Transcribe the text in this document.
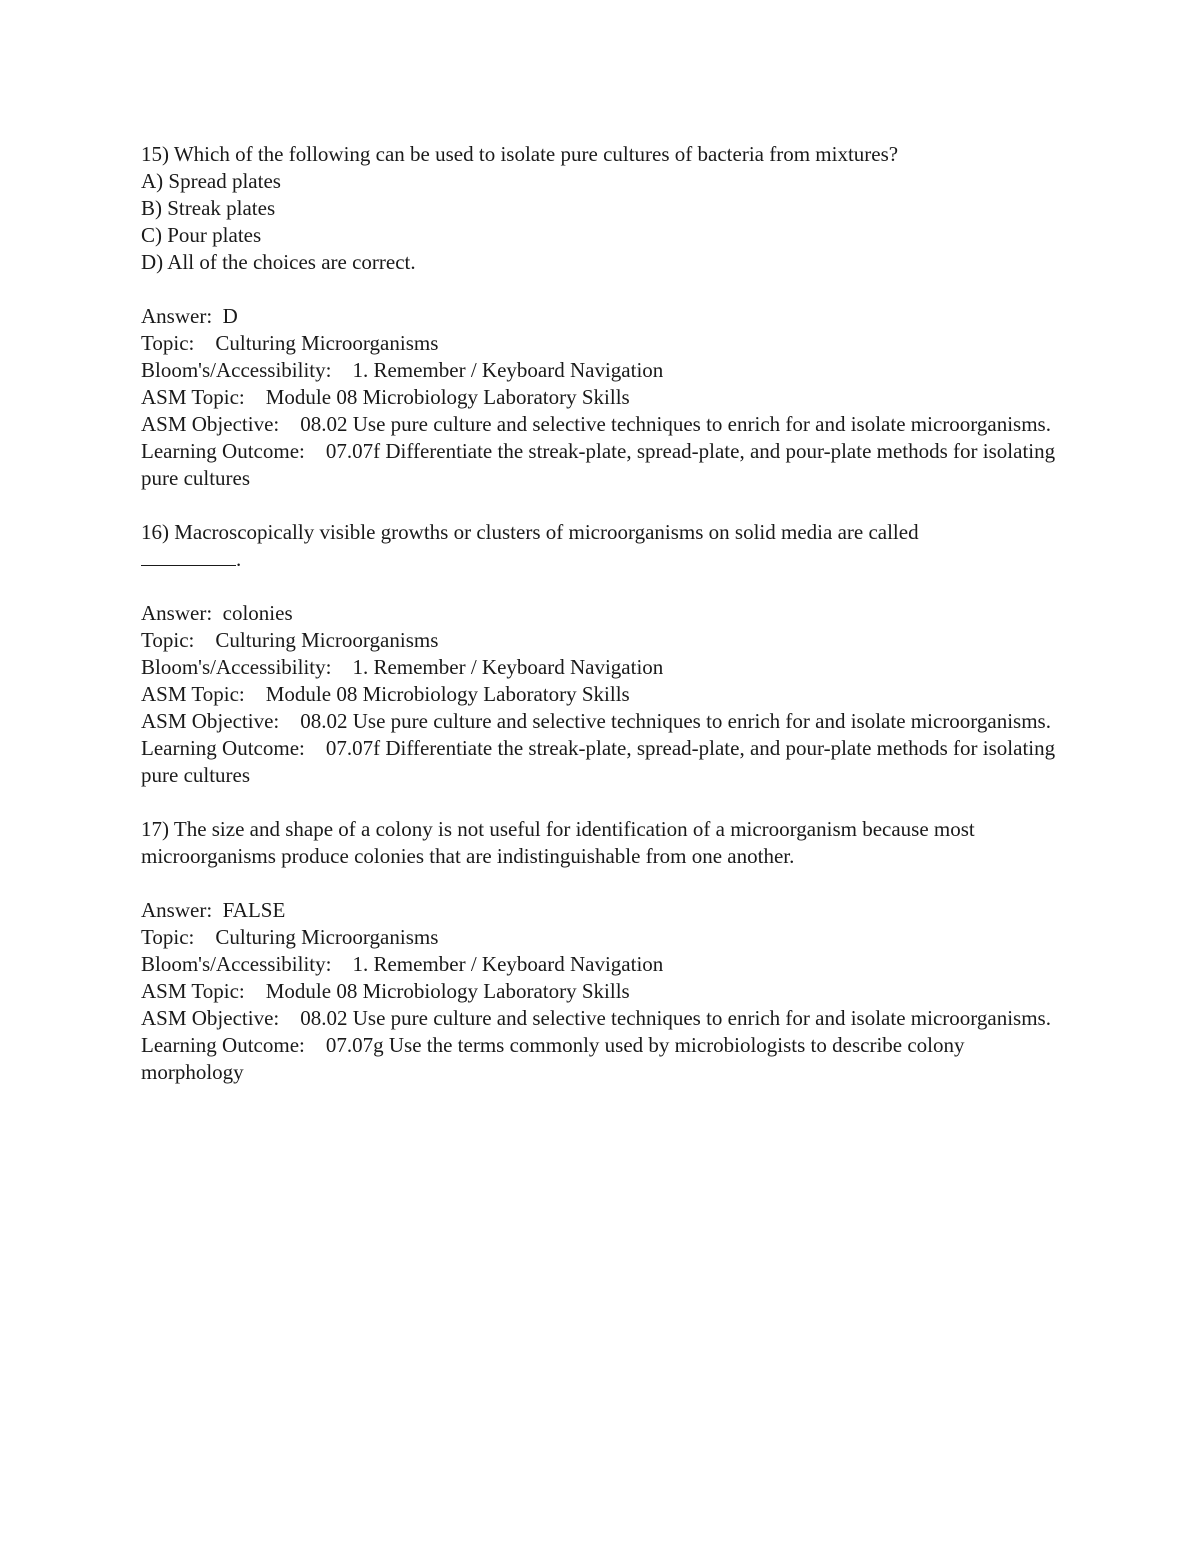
15) Which of the following can be used to isolate pure cultures of bacteria from mixtures?

A) Spread plates

B) Streak plates

C) Pour plates

D) All of the choices are correct.

Answer:  D

Topic:    Culturing Microorganisms

Bloom's/Accessibility:    1. Remember / Keyboard Navigation

ASM Topic:    Module 08 Microbiology Laboratory Skills

ASM Objective:    08.02 Use pure culture and selective techniques to enrich for and isolate microorganisms.

Learning Outcome:    07.07f Differentiate the streak-plate, spread-plate, and pour-plate methods for isolating pure cultures

16) Macroscopically visible growths or clusters of microorganisms on solid media are called

.

Answer:  colonies

Topic:    Culturing Microorganisms

Bloom's/Accessibility:    1. Remember / Keyboard Navigation

ASM Topic:    Module 08 Microbiology Laboratory Skills

ASM Objective:    08.02 Use pure culture and selective techniques to enrich for and isolate microorganisms.

Learning Outcome:    07.07f Differentiate the streak-plate, spread-plate, and pour-plate methods for isolating pure cultures

17) The size and shape of a colony is not useful for identification of a microorganism because most microorganisms produce colonies that are indistinguishable from one another.

Answer:  FALSE

Topic:    Culturing Microorganisms

Bloom's/Accessibility:    1. Remember / Keyboard Navigation

ASM Topic:    Module 08 Microbiology Laboratory Skills

ASM Objective:    08.02 Use pure culture and selective techniques to enrich for and isolate microorganisms.

Learning Outcome:    07.07g Use the terms commonly used by microbiologists to describe colony morphology
